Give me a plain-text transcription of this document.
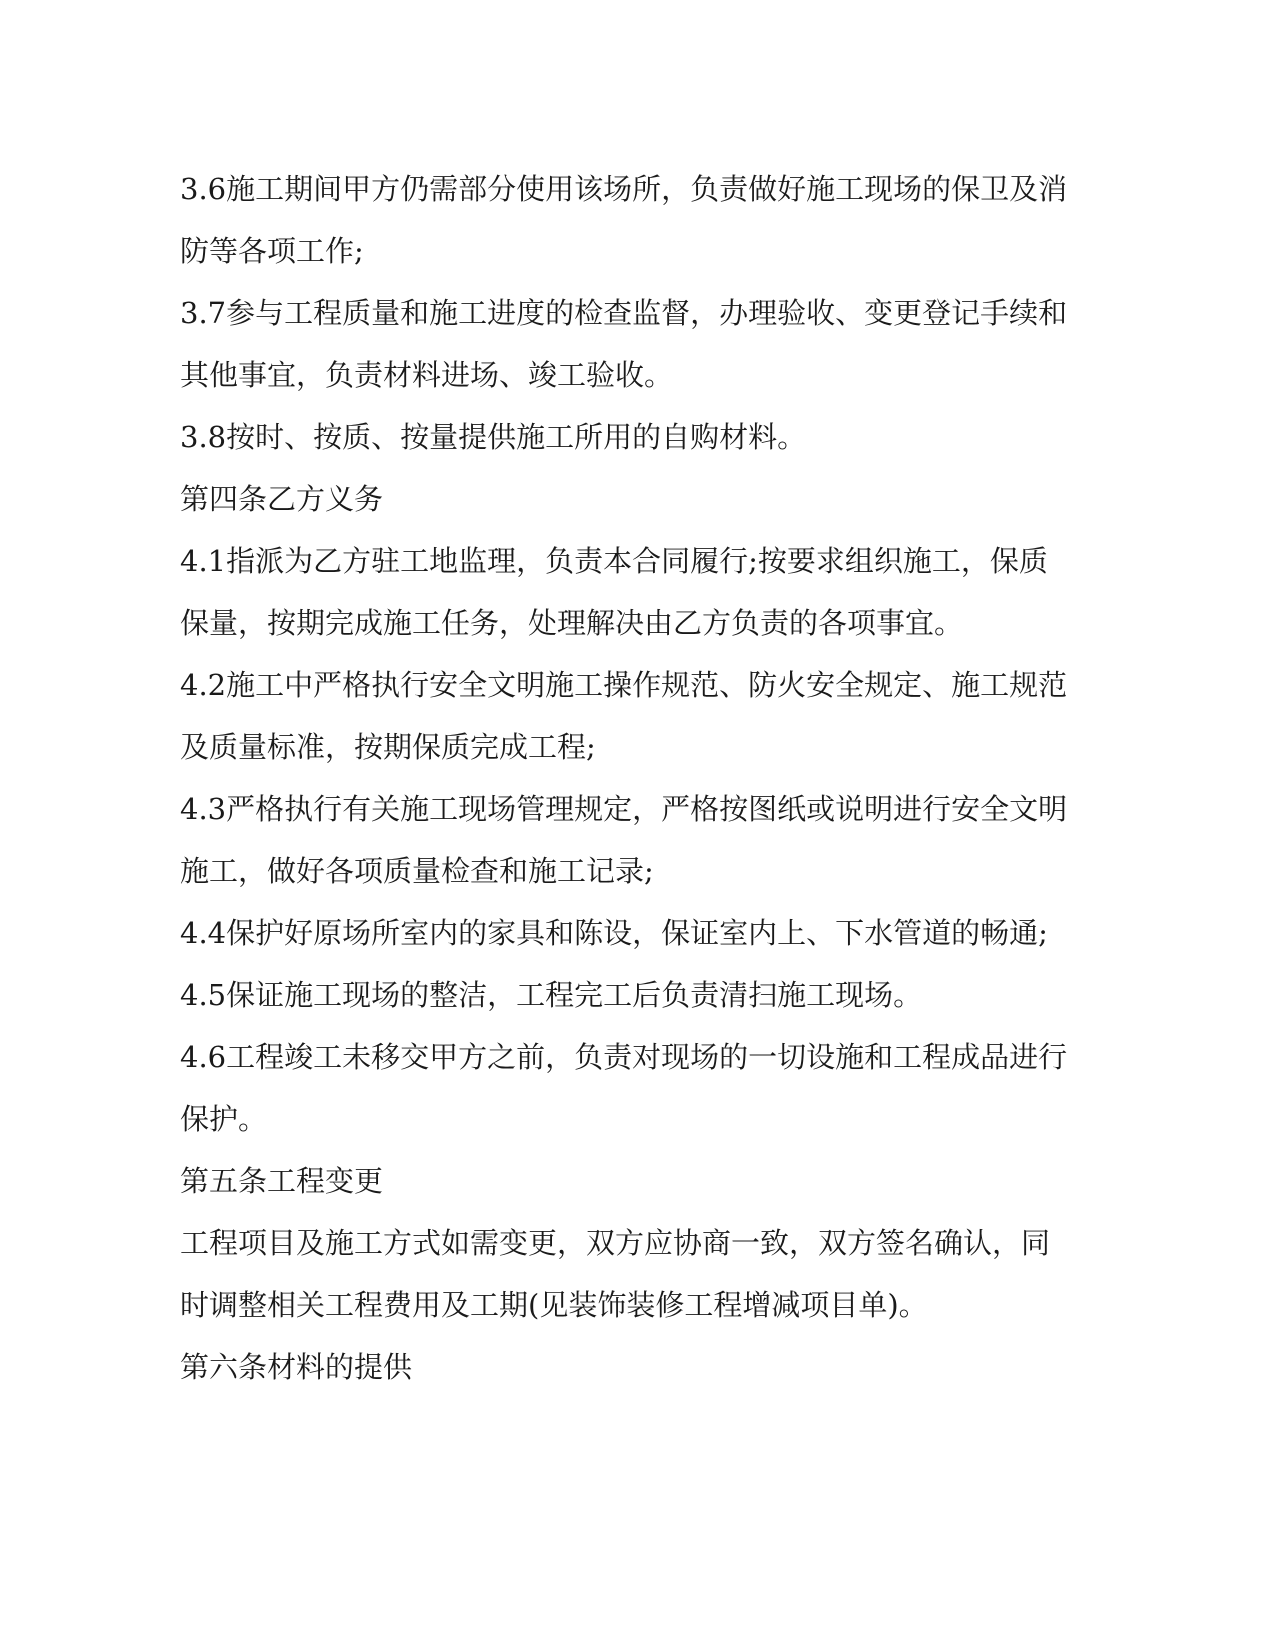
3.6施工期间甲方仍需部分使用该场所，负责做好施工现场的保卫及消

防等各项工作;

3.7参与工程质量和施工进度的检查监督，办理验收、变更登记手续和

其他事宜，负责材料进场、竣工验收。

3.8按时、按质、按量提供施工所用的自购材料。

第四条乙方义务

4.1指派为乙方驻工地监理，负责本合同履行;按要求组织施工，保质

保量，按期完成施工任务，处理解决由乙方负责的各项事宜。

4.2施工中严格执行安全文明施工操作规范、防火安全规定、施工规范

及质量标准，按期保质完成工程;

4.3严格执行有关施工现场管理规定，严格按图纸或说明进行安全文明

施工，做好各项质量检查和施工记录;

4.4保护好原场所室内的家具和陈设，保证室内上、下水管道的畅通;

4.5保证施工现场的整洁，工程完工后负责清扫施工现场。

4.6工程竣工未移交甲方之前，负责对现场的一切设施和工程成品进行

保护。

第五条工程变更

工程项目及施工方式如需变更，双方应协商一致，双方签名确认，同

时调整相关工程费用及工期(见装饰装修工程增减项目单)。

第六条材料的提供
